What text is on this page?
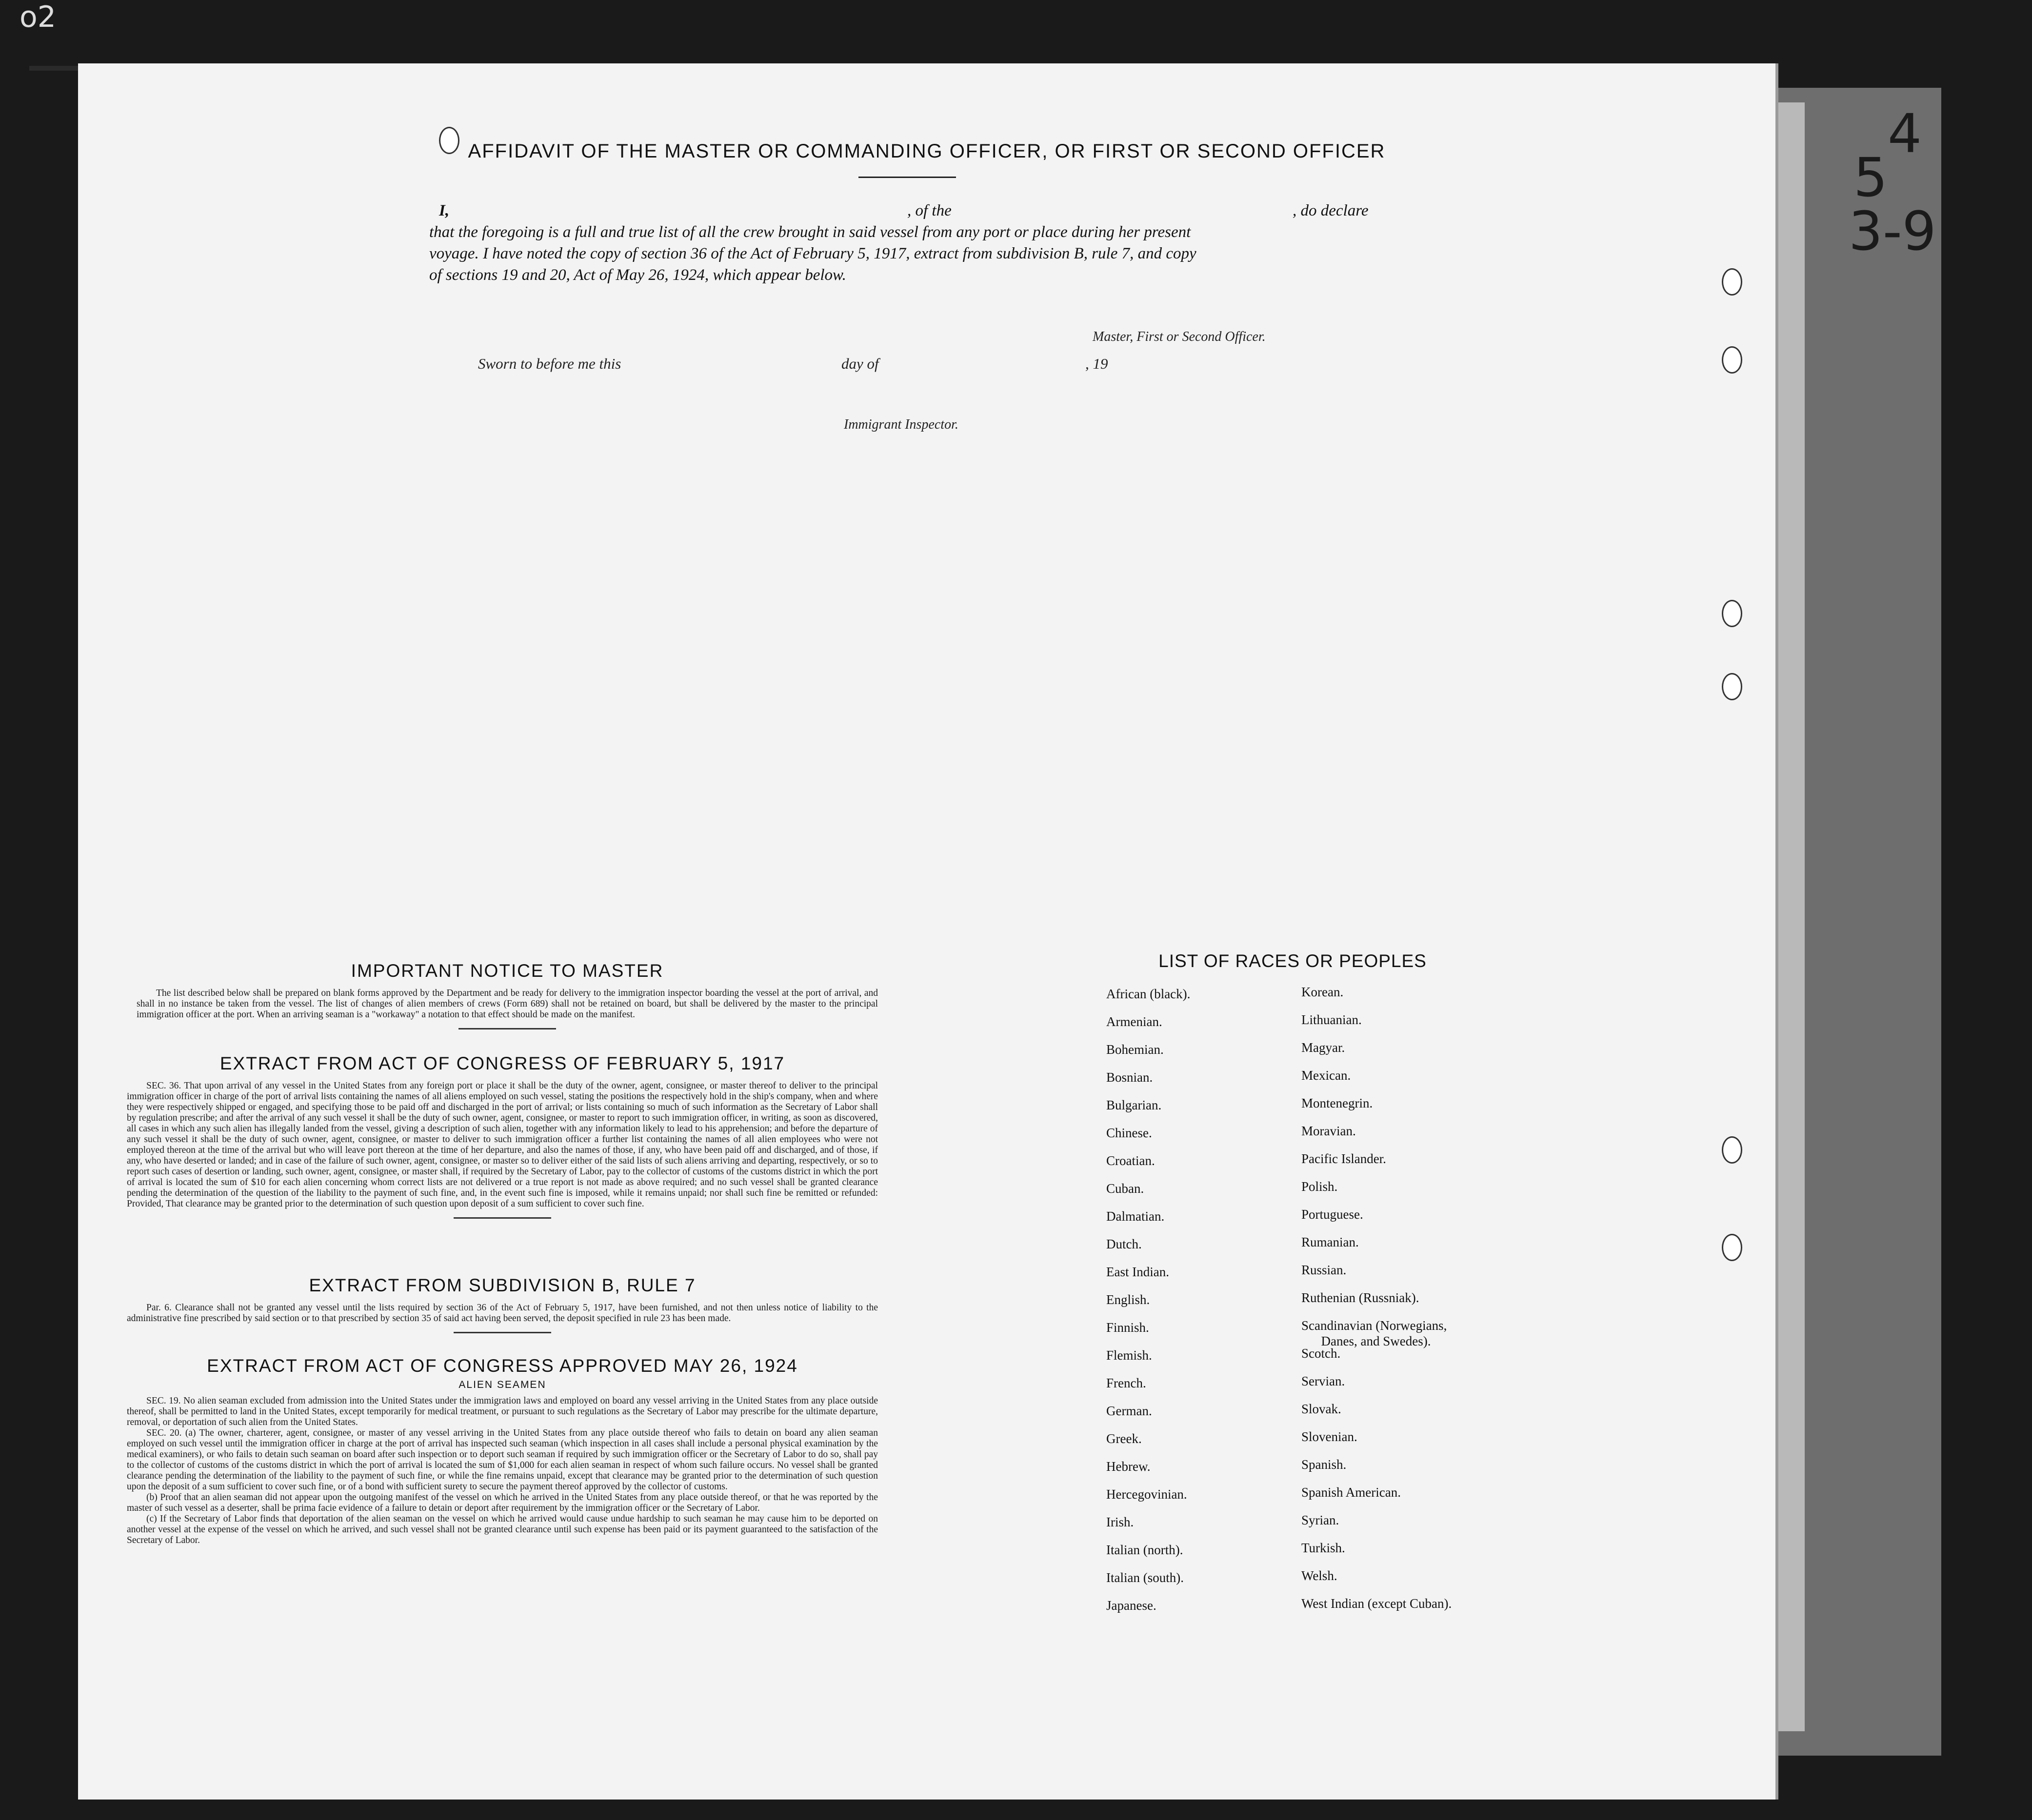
o2
4
5
3-9
AFFIDAVIT OF THE MASTER OR COMMANDING OFFICER, OR FIRST OR SECOND OFFICER
I,	, of the	, do declare
that the foregoing is a full and true list of all the crew brought in said vessel from any port or place during her present
voyage. I have noted the copy of section 36 of the Act of February 5, 1917, extract from subdivision B, rule 7, and copy
of sections 19 and 20, Act of May 26, 1924, which appear below.
Master, First or Second Officer.
Sworn to before me this	day of	, 19
Immigrant Inspector.
IMPORTANT NOTICE TO MASTER

The list described below shall be prepared on blank forms approved by the Department and be ready for delivery to the immigration inspector boarding the vessel at the port of arrival, and shall in no instance be taken from the vessel. The list of changes of alien members of crews (Form 689) shall not be retained on board, but shall be delivered by the master to the principal immigration officer at the port. When an arriving seaman is a "workaway" a notation to that effect should be made on the manifest.

EXTRACT FROM ACT OF CONGRESS OF FEBRUARY 5, 1917

SEC. 36. That upon arrival of any vessel in the United States from any foreign port or place it shall be the duty of the owner, agent, consignee, or master thereof to deliver to the principal immigration officer in charge of the port of arrival lists containing the names of all aliens employed on such vessel, stating the positions the respectively hold in the ship's company, when and where they were respectively shipped or engaged, and specifying those to be paid off and discharged in the port of arrival; or lists containing so much of such information as the Secretary of Labor shall by regulation prescribe; and after the arrival of any such vessel it shall be the duty of such owner, agent, consignee, or master to report to such immigration officer, in writing, as soon as discovered, all cases in which any such alien has illegally landed from the vessel, giving a description of such alien, together with any information likely to lead to his apprehension; and before the departure of any such vessel it shall be the duty of such owner, agent, consignee, or master to deliver to such immigration officer a further list containing the names of all alien employees who were not employed thereon at the time of the arrival but who will leave port thereon at the time of her departure, and also the names of those, if any, who have been paid off and discharged, and of those, if any, who have deserted or landed; and in case of the failure of such owner, agent, consignee, or master so to deliver either of the said lists of such aliens arriving and departing, respectively, or so to report such cases of desertion or landing, such owner, agent, consignee, or master shall, if required by the Secretary of Labor, pay to the collector of customs of the customs district in which the port of arrival is located the sum of $10 for each alien concerning whom correct lists are not delivered or a true report is not made as above required; and no such vessel shall be granted clearance pending the determination of the question of the liability to the payment of such fine, and, in the event such fine is imposed, while it remains unpaid; nor shall such fine be remitted or refunded: Provided, That clearance may be granted prior to the determination of such question upon deposit of a sum sufficient to cover such fine.

EXTRACT FROM SUBDIVISION B, RULE 7

Par. 6. Clearance shall not be granted any vessel until the lists required by section 36 of the Act of February 5, 1917, have been furnished, and not then unless notice of liability to the administrative fine prescribed by said section or to that prescribed by section 35 of said act having been served, the deposit specified in rule 23 has been made.

EXTRACT FROM ACT OF CONGRESS APPROVED MAY 26, 1924
ALIEN SEAMEN

SEC. 19. No alien seaman excluded from admission into the United States under the immigration laws and employed on board any vessel arriving in the United States from any place outside thereof, shall be permitted to land in the United States, except temporarily for medical treatment, or pursuant to such regulations as the Secretary of Labor may prescribe for the ultimate departure, removal, or deportation of such alien from the United States.

SEC. 20. (a) The owner, charterer, agent, consignee, or master of any vessel arriving in the United States from any place outside thereof who fails to detain on board any alien seaman employed on such vessel until the immigration officer in charge at the port of arrival has inspected such seaman (which inspection in all cases shall include a personal physical examination by the medical examiners), or who fails to detain such seaman on board after such inspection or to deport such seaman if required by such immigration officer or the Secretary of Labor to do so, shall pay to the collector of customs of the customs district in which the port of arrival is located the sum of $1,000 for each alien seaman in respect of whom such failure occurs. No vessel shall be granted clearance pending the determination of the liability to the payment of such fine, or while the fine remains unpaid, except that clearance may be granted prior to the determination of such question upon the deposit of a sum sufficient to cover such fine, or of a bond with sufficient surety to secure the payment thereof approved by the collector of customs.

(b) Proof that an alien seaman did not appear upon the outgoing manifest of the vessel on which he arrived in the United States from any place outside thereof, or that he was reported by the master of such vessel as a deserter, shall be prima facie evidence of a failure to detain or deport after requirement by the immigration officer or the Secretary of Labor.

(c) If the Secretary of Labor finds that deportation of the alien seaman on the vessel on which he arrived would cause undue hardship to such seaman he may cause him to be deported on another vessel at the expense of the vessel on which he arrived, and such vessel shall not be granted clearance until such expense has been paid or its payment guaranteed to the satisfaction of the Secretary of Labor.

LIST OF RACES OR PEOPLES
African (black).
Armenian.
Bohemian.
Bosnian.
Bulgarian.
Chinese.
Croatian.
Cuban.
Dalmatian.
Dutch.
East Indian.
English.
Finnish.
Flemish.
French.
German.
Greek.
Hebrew.
Hercegovinian.
Irish.
Italian (north).
Italian (south).
Japanese.
Korean.
Lithuanian.
Magyar.
Mexican.
Montenegrin.
Moravian.
Pacific Islander.
Polish.
Portuguese.
Rumanian.
Russian.
Ruthenian (Russniak).
Scandinavian (Norwegians,
Danes, and Swedes).
Scotch.
Servian.
Slovak.
Slovenian.
Spanish.
Spanish American.
Syrian.
Turkish.
Welsh.
West Indian (except Cuban).
